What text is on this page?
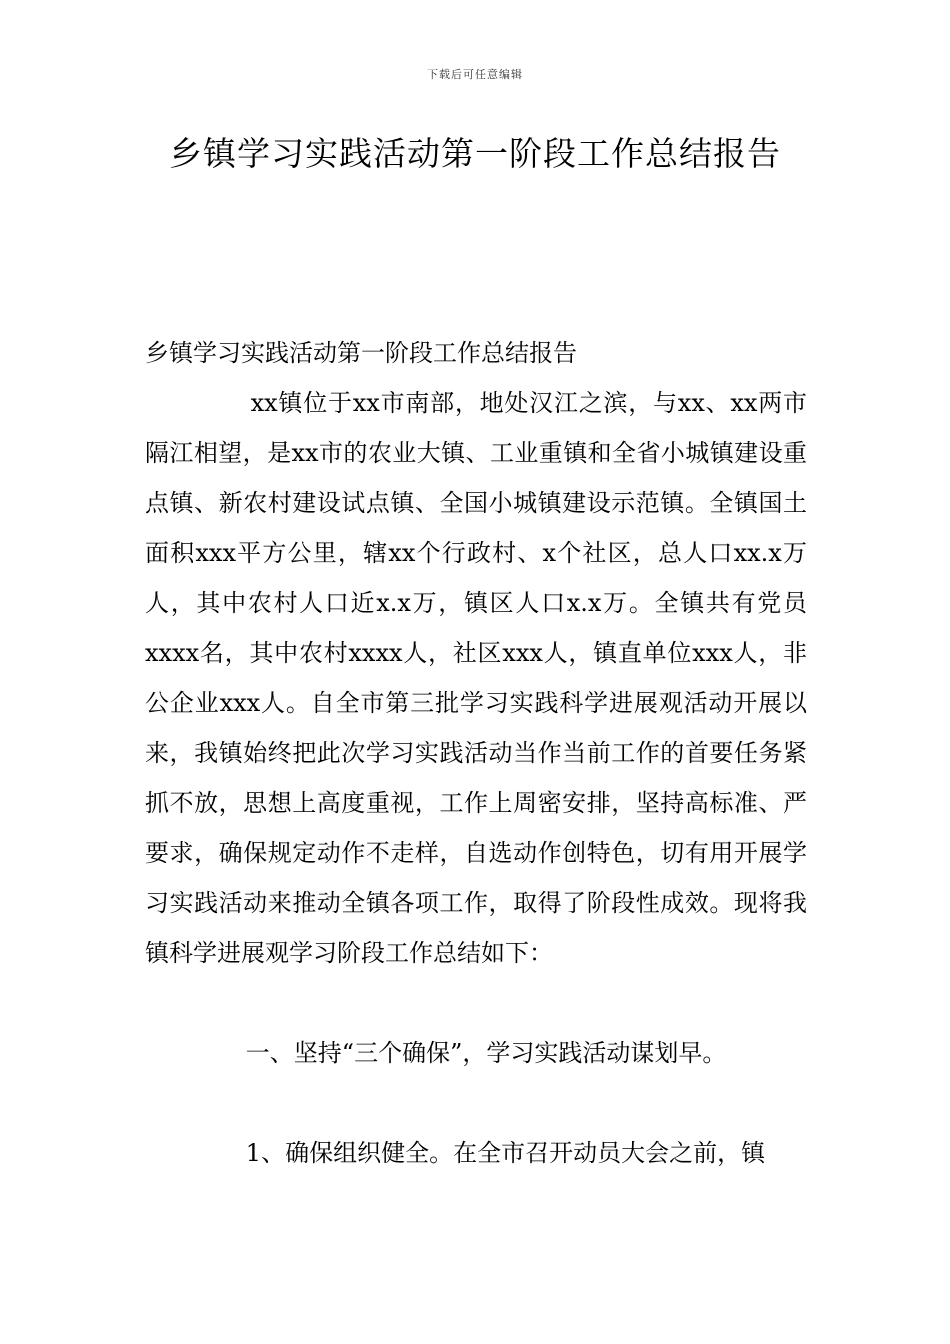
下载后可任意编辑
乡镇学习实践活动第一阶段工作总结报告
乡镇学习实践活动第一阶段工作总结报告

xx镇位于xx市南部，地处汉江之滨，与xx、xx两市隔江相望，是xx市的农业大镇、工业重镇和全省小城镇建设重点镇、新农村建设试点镇、全国小城镇建设示范镇。全镇国土面积xxx平方公里，辖xx个行政村、x个社区，总人口xx.x万人，其中农村人口近x.x万，镇区人口x.x万。全镇共有党员xxxx名，其中农村xxxx人，社区xxx人，镇直单位xxx人，非公企业xxx人。自全市第三批学习实践科学进展观活动开展以来，我镇始终把此次学习实践活动当作当前工作的首要任务紧抓不放，思想上高度重视，工作上周密安排，坚持高标准、严要求，确保规定动作不走样，自选动作创特色，切有用开展学习实践活动来推动全镇各项工作，取得了阶段性成效。现将我镇科学进展观学习阶段工作总结如下：

一、坚持“三个确保”，学习实践活动谋划早。

1、确保组织健全。在全市召开动员大会之前，镇
